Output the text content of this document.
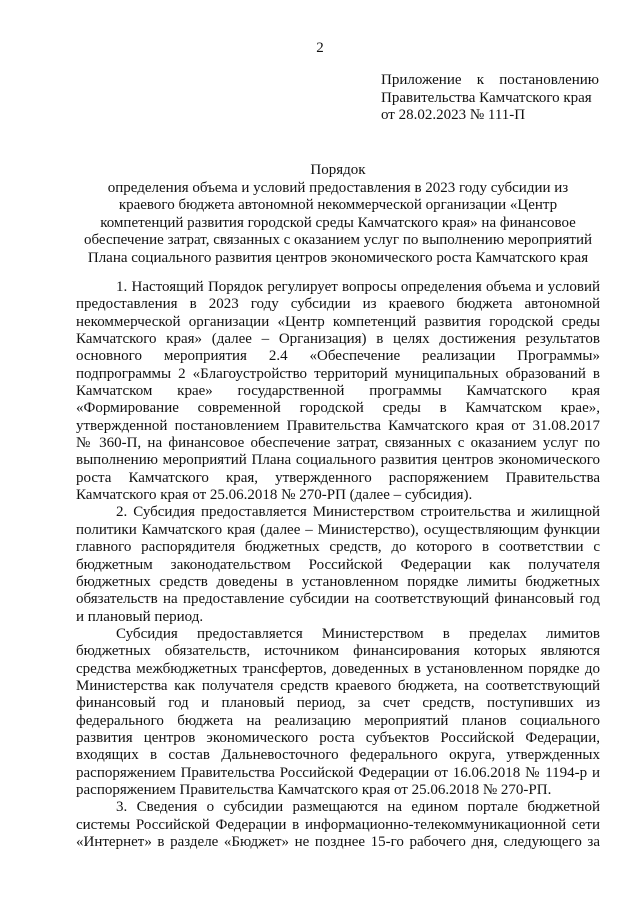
2
Приложение к постановлению
Правительства Камчатского края
от 28.02.2023 № 111-П
Порядок
определения объема и условий предоставления в 2023 году субсидии из
краевого бюджета автономной некоммерческой организации «Центр
компетенций развития городской среды Камчатского края» на финансовое
обеспечение затрат, связанных с оказанием услуг по выполнению мероприятий
Плана социального развития центров экономического роста Камчатского края
1. Настоящий Порядок регулирует вопросы определения объема и условий
предоставления в 2023 году субсидии из краевого бюджета автономной
некоммерческой организации «Центр компетенций развития городской среды
Камчатского края» (далее – Организация) в целях достижения результатов
основного мероприятия 2.4 «Обеспечение реализации Программы»
подпрограммы 2 «Благоустройство территорий муниципальных образований в
Камчатском крае» государственной программы Камчатского края
«Формирование современной городской среды в Камчатском крае»,
утвержденной постановлением Правительства Камчатского края от 31.08.2017
№ 360-П, на финансовое обеспечение затрат, связанных с оказанием услуг по
выполнению мероприятий Плана социального развития центров экономического
роста Камчатского края, утвержденного распоряжением Правительства
Камчатского края от 25.06.2018 № 270-РП (далее – субсидия).
2. Субсидия предоставляется Министерством строительства и жилищной
политики Камчатского края (далее – Министерство), осуществляющим функции
главного распорядителя бюджетных средств, до которого в соответствии с
бюджетным законодательством Российской Федерации как получателя
бюджетных средств доведены в установленном порядке лимиты бюджетных
обязательств на предоставление субсидии на соответствующий финансовый год
и плановый период.
Субсидия предоставляется Министерством в пределах лимитов
бюджетных обязательств, источником финансирования которых являются
средства межбюджетных трансфертов, доведенных в установленном порядке до
Министерства как получателя средств краевого бюджета, на соответствующий
финансовый год и плановый период, за счет средств, поступивших из
федерального бюджета на реализацию мероприятий планов социального
развития центров экономического роста субъектов Российской Федерации,
входящих в состав Дальневосточного федерального округа, утвержденных
распоряжением Правительства Российской Федерации от 16.06.2018 № 1194-р и
распоряжением Правительства Камчатского края от 25.06.2018 № 270-РП.
3. Сведения о субсидии размещаются на едином портале бюджетной
системы Российской Федерации в информационно-телекоммуникационной сети
«Интернет» в разделе «Бюджет» не позднее 15-го рабочего дня, следующего за
